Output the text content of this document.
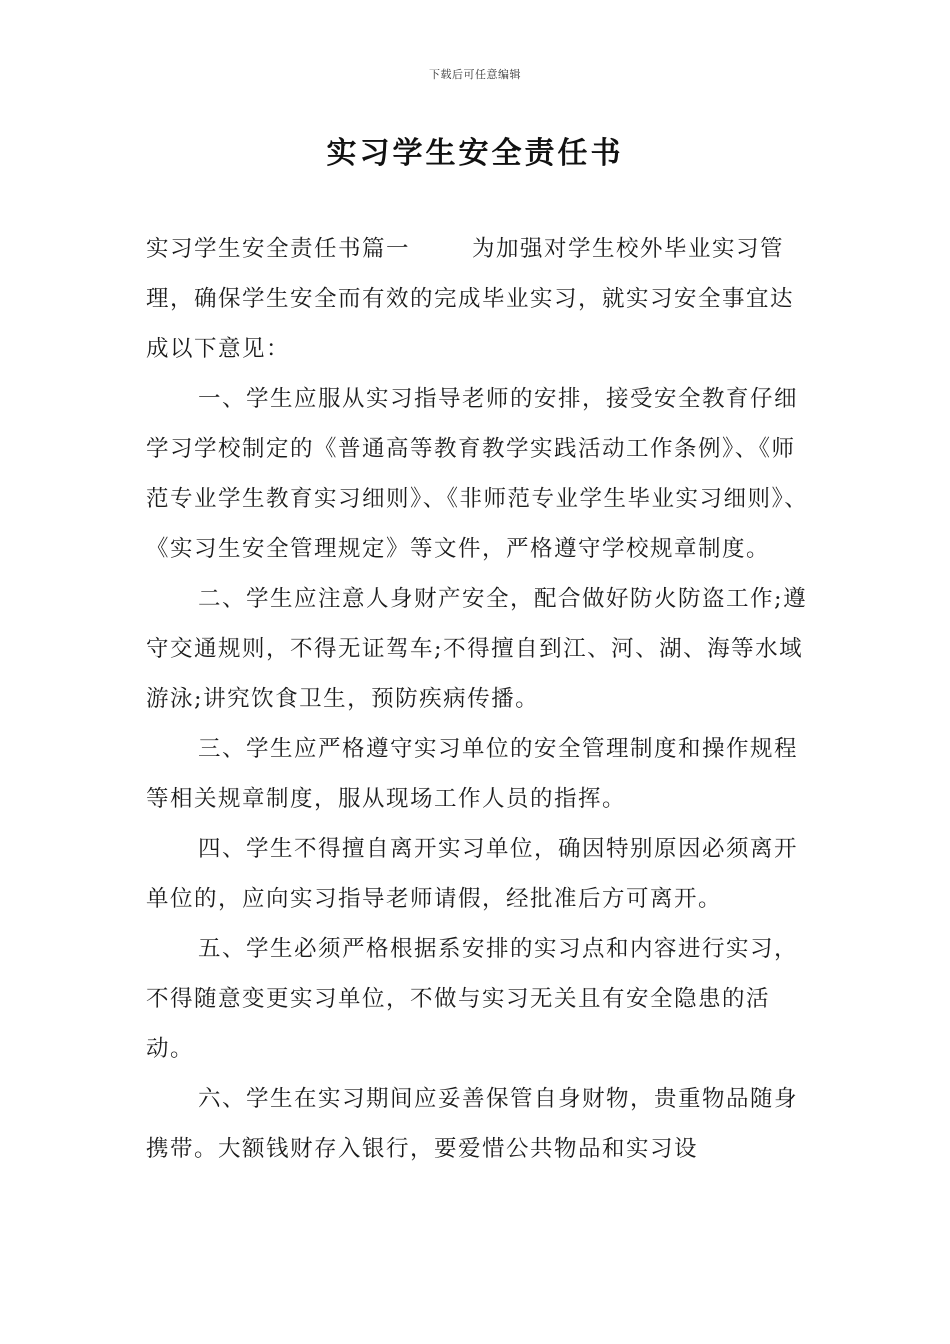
下载后可任意编辑
实习学生安全责任书

实习学生安全责任书篇一	为加强对学生校外毕业实习管理，确保学生安全而有效的完成毕业实习，就实习安全事宜达成以下意见：

一、学生应服从实习指导老师的安排，接受安全教育仔细学习学校制定的《普通高等教育教学实践活动工作条例》、《师范专业学生教育实习细则》、《非师范专业学生毕业实习细则》、《实习生安全管理规定》等文件，严格遵守学校规章制度。

二、学生应注意人身财产安全，配合做好防火防盗工作;遵守交通规则，不得无证驾车;不得擅自到江、河、湖、海等水域游泳;讲究饮食卫生，预防疾病传播。

三、学生应严格遵守实习单位的安全管理制度和操作规程等相关规章制度，服从现场工作人员的指挥。

四、学生不得擅自离开实习单位，确因特别原因必须离开单位的，应向实习指导老师请假，经批准后方可离开。

五、学生必须严格根据系安排的实习点和内容进行实习，不得随意变更实习单位，不做与实习无关且有安全隐患的活动。

六、学生在实习期间应妥善保管自身财物，贵重物品随身携带。大额钱财存入银行，要爱惜公共物品和实习设
